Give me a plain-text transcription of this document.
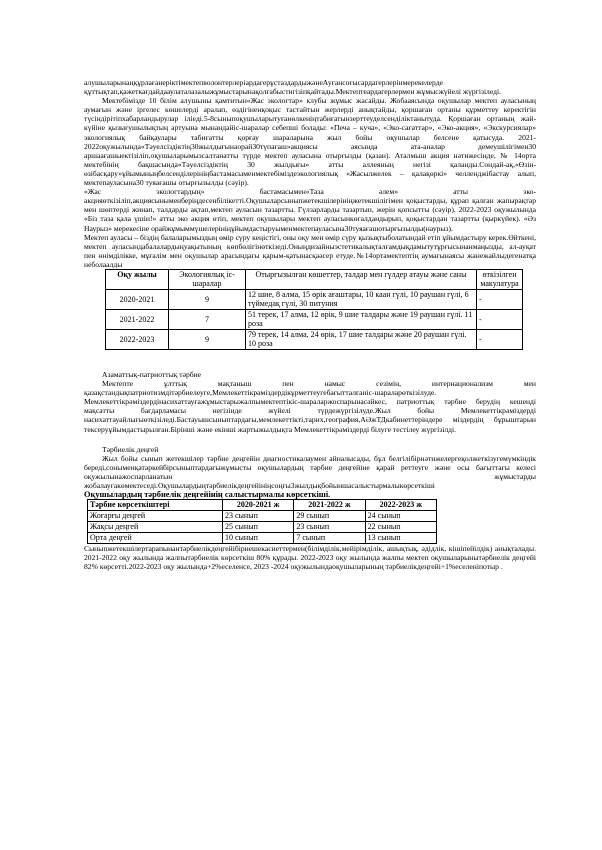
алушыларынаңқұрлағанеріктімектепволонтерлеріардагерұстаздардыжәнеАуғансоғысардагерлерінмерекелерде құттықтап,қажеткағдайдааулаталазалыжұмыстарынақолғабыстигізіпқайтады.Мектептеардагерлермен жұмысжүйелі жүргізіледі.

Мектебімізде 10 білім алушыны қамтитын«Жас экологтар» клубы жұмыс жасайды. Жобааясында оқушылар мектеп ауласының аумағын және іргелес көшелерді аралап, өздігіненқоқыс тастайтын жерлерді анықтайды, қоршаған ортаны құрметтеу керектігін түсіндірітіпхабарландырулар іліеді.5-8сыныпоқушыларытуғанөлкеніңтабиғатынзерттеуделсенділіктанытуда. Қоршаған ортаның жай-күйіне қызығушылықтың артуына мынандайіс-шаралар себепші болады: «Печа – куча», «Эко-сағаттар», «Эко-акция», «Экскурсиялар» экологиялық байқаулары табиғатты қорғау шараларына жыл бойы оқушылар белсене қатысуда. 2021-2022оқужылында«Тәуелсіздіктің30жылдығынаорай30түпағаш»акциясы аясында ата-аналар демеушілігімен30 аршаағашыектізіліп,оқушыларымызсалтанатты түрде мектеп ауласына отырғызды (қазан). Аталмыш акция нәтижесінде, № 14орта мектебінің бақшасында«Тәуелсіздіктің 30 жылдығы» атты аллеяның негізі қаланды.Сондай-ақ,«Өзін-өзібасқару»ұйымыныңбелсенділерініңбастамасыменмектебіміздеэкологиялық «Жасылжелек – қалақөркі» челленджібастау алып, мектепауласына30 туяағашы отырғызылды (сәуір).

«Жас экологтардың» бастамасымен«Таза әлем» атты эко-акцияөткізіліп,акциясыныменберіңдесенбілікетті.Оқушыларсыныпжетекшілерініңжетекшілігімен қоқыстарды, құрап қалған жапырақтар мен шөптерді жинап, талдарды ақтап,мектеп ауласын тазартты. Гүлзарларды тазартып, жерін қопсытты (сәуір). 2022-2023 оқужылында «Біз таза қала үшін!» атты эко акция өтіп, мектеп оқушылары мектеп ауласынкөгалдандырып, қоқыстардан тазартты (қыркүйек). «Әз Наурыз» мерекесіне орайжұмыммүшелерініңұйымдастыруыменмектепауласына30туяағашотырғызылды(наурыз).

Мектеп ауласы – біздің балаларымыздың өмір сүру кеңістігі, оны оқу мен өмір сүру қызықтыболатындай етіп ұйымдастыру керек.Өйткені, мектеп ауласындабалалардыңуақытының көпбөлігінөткізеді.Оныңдизайныэстетикалықталғамдықдамытутұрғысынанмаңызды, ал-ауқат пен өнімділікке, мұғалім мен оқушылар арасындағы қарым-қатынасқаәсер етуде.№14ортамектептің аумағынаясы жанежайлыдегенатқа неболаалды

Оқу жылы	Экологиялық іс-шаралар	Отырғызылған көшеттер, талдар мен гүлдер атауы және саны	өткізілген макулатура
2020-2021	9	12 шие, 8 алма, 15 өрік ағаштары, 10 каан гүлі, 10 раушан гүлі, 6 түймедақ гүлі, 30 питуния	-
2021-2022	7	51 терек, 17 алма, 12 өрік, 9 шие талдары және 19 раушан гүлі. 11 роза	-
2022-2023	9	79 терек, 14 алма, 24 өрік, 17 шие талдары және 20 раушан гүлі. 10 роза	-

Азаматтық-патриоттық тәрбие

Мектепте ұлттық мақтаныш пен намыс сезімін, интернационализм мен қазақстандықпатриотизмдітәрбиелеуге,Мемлекеттікрәміздердікұрметтеугебағытталғаніс-шараларөткізілуде. Мемлекеттікрәміздердінасихаттауғажұмыстарыжалпымектептікіс-шараларжоспарынасәйкес, патриоттық тәрбие берудің кешенді мақсатты бағдарламасы негізінде жүйелі түрдежүргізілуде.Жыл бойы Мемлекеттікрәміздерді насихаттауайлығыөткізіледі.Бастауышсыныптардағы,мемлекеттікті,тарих,география,АӘжТДкабинеттеріндере міздердің бұрыштарын тексеруұйымдастырылған.Бірінші және екінші жартыжылдықта Мемлекеттікрәміздерді білуге тестілеу жүргізілді.

Тәрбиелік деңгей

Жыл бойы сынып жетекшілер тәрбие деңгейін диагностикалаумен айналысады, бұл белгілібірнәтижелергеқолжеткізугемүмкіндік береді,соныменқатаркейбірсыныптардағыжұмысты оқушылардың тәрбие деңгейіне қарай реттеуге және осы бағыттағы келесі оқужылынажоспарланатын жұмыстарды жобалауғакөмектеседі.Оқушылардыңтәрбиелікдеңгейініңсоңғы3жылдықбойыншасалыстырмалыкөрсеткіші

Оқушылардың тәрбиелік деңгейінің салыстырмалы көрсеткіші.

Тәрбие көрсеткіштері	2020-2021 ж	2021-2022 ж	2022-2023 ж
Жоғарғы деңгей	23 сынып	29 сынып	24 сынып
Жақсы деңгей	25 сынып	23 сынып	22 сынып
Орта деңгей	10 сынып	7 сынып	13 сынып

Сыныпжетекшілертарапынантәрбиелікдеңгейібірнешекасиеттермен(білімділік,мейірімділік, ашықтық, әдідлік, кішіпейілдік) анықталады. 2021-2022 оқу жылында жалпытәрбиелік көрсеткіш 80% құрады. 2022-2023 оқу жылында жалпы мектеп оқушыларынытәрбиелік деңгейі 82% көрсетті.2022-2023 оқу жылында+2%еселенсе, 2023 -2024 оқужылындаоқушыларының тәрбиелікдеңгейі+1%еселеніпотыр .
